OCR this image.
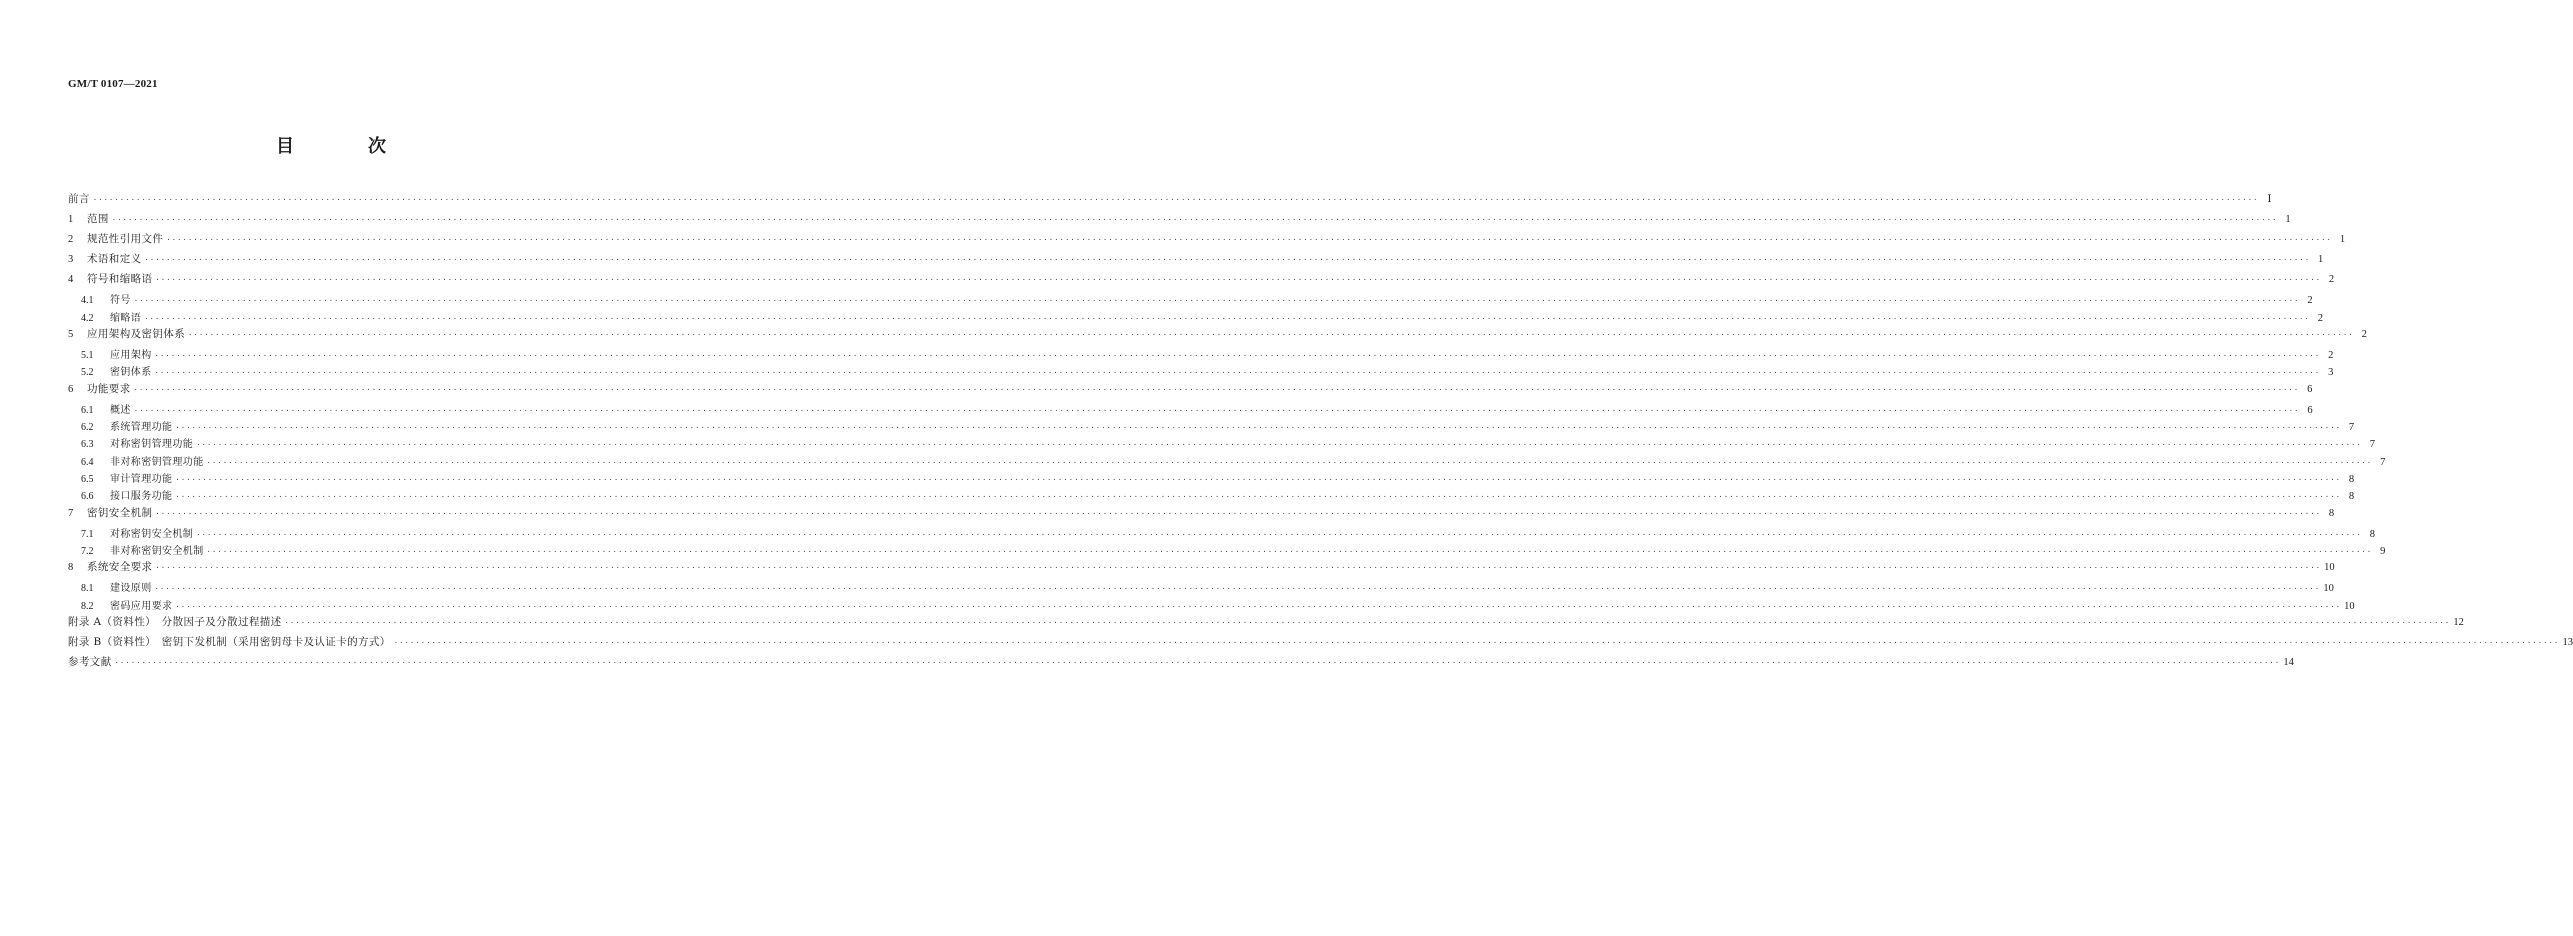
GM/T 0107—2021
目　次
前言 ················································································································································································································································································································································································································ Ⅰ
1	范围 ················································································································································································································································································································································································································ 1
2	规范性引用文件 ················································································································································································································································································································································································································ 1
3	术语和定义 ················································································································································································································································································································································································································ 1
4	符号和缩略语 ················································································································································································································································································································································································································ 2
4.1	符号 ················································································································································································································································································································································································································ 2
4.2	缩略语 ················································································································································································································································································································································································································ 2
5	应用架构及密钥体系 ················································································································································································································································································································································································································ 2
5.1	应用架构 ················································································································································································································································································································································································································ 2
5.2	密钥体系 ················································································································································································································································································································································································································ 3
6	功能要求 ················································································································································································································································································································································································································ 6
6.1	概述 ················································································································································································································································································································································································································ 6
6.2	系统管理功能 ················································································································································································································································································································································································································ 7
6.3	对称密钥管理功能 ················································································································································································································································································································································································································ 7
6.4	非对称密钥管理功能 ················································································································································································································································································································································································································ 7
6.5	审计管理功能 ················································································································································································································································································································································································································ 8
6.6	接口服务功能 ················································································································································································································································································································································································································ 8
7	密钥安全机制 ················································································································································································································································································································································································································ 8
7.1	对称密钥安全机制 ················································································································································································································································································································································································································ 8
7.2	非对称密钥安全机制 ················································································································································································································································································································································································································ 9
8	系统安全要求 ················································································································································································································································································································································································································ 10
8.1	建设原则 ················································································································································································································································································································································································································ 10
8.2	密码应用要求 ················································································································································································································································································································································································································ 10
附录 A（资料性）　分散因子及分散过程描述 ················································································································································································································································································································································································································ 12
附录 B（资料性）　密钥下发机制（采用密钥母卡及认证卡的方式） ················································································································································································································································································································································································································ 13
参考文献 ················································································································································································································································································································································································································ 14
